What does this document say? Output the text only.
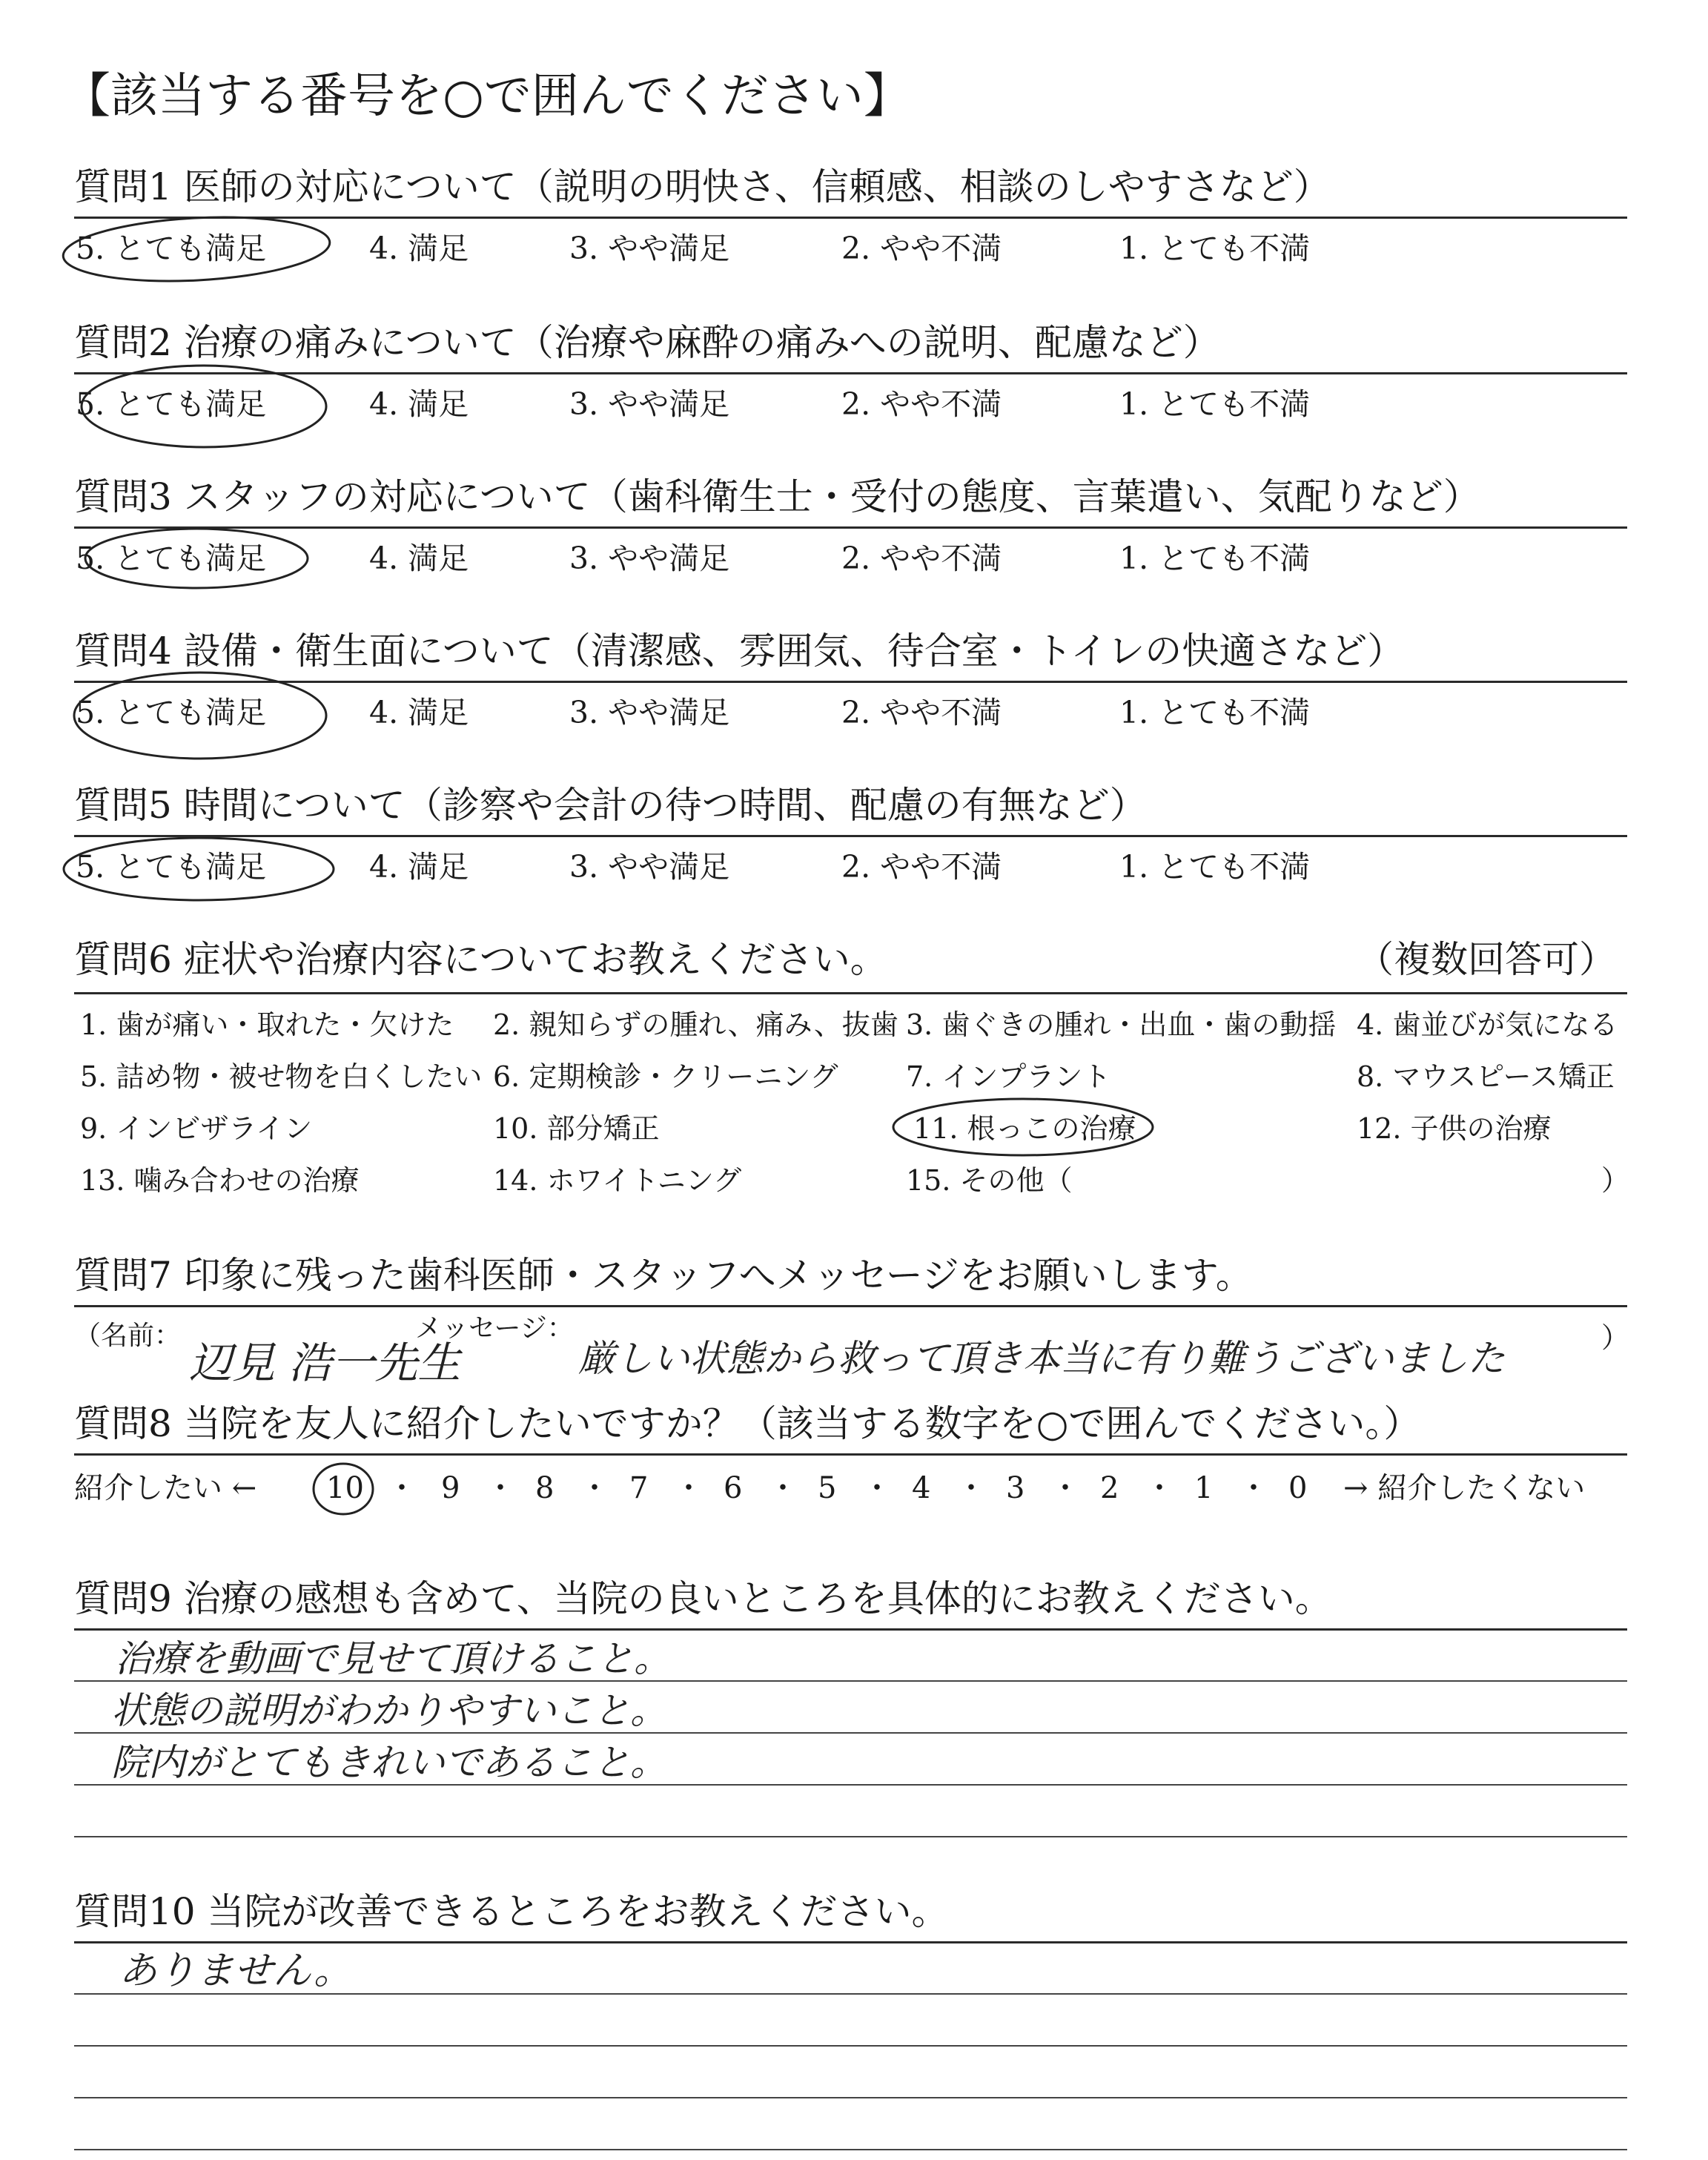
【該当する番号を○で囲んでください】
質問1 医師の対応について（説明の明快さ、信頼感、相談のしやすさなど）
5. とても満足	4. 満足	3. やや満足	2. やや不満	1. とても不満
質問2 治療の痛みについて（治療や麻酔の痛みへの説明、配慮など）
5. とても満足	4. 満足	3. やや満足	2. やや不満	1. とても不満
質問3 スタッフの対応について（歯科衛生士・受付の態度、言葉遣い、気配りなど）
5. とても満足	4. 満足	3. やや満足	2. やや不満	1. とても不満
質問4 設備・衛生面について（清潔感、雰囲気、待合室・トイレの快適さなど）
5. とても満足	4. 満足	3. やや満足	2. やや不満	1. とても不満
質問5 時間について（診察や会計の待つ時間、配慮の有無など）
5. とても満足	4. 満足	3. やや満足	2. やや不満	1. とても不満
質問6 症状や治療内容についてお教えください。	（複数回答可）
1. 歯が痛い・取れた・欠けた 2. 親知らずの腫れ、痛み、抜歯 3. 歯ぐきの腫れ・出血・歯の動揺 4. 歯並びが気になる
5. 詰め物・被せ物を白くしたい 6. 定期検診・クリーニング 7. インプラント	8. マウスピース矯正
9. インビザライン	10. 部分矯正	11. 根っこの治療	12. 子供の治療
13. 噛み合わせの治療	14. ホワイトニング	15. その他（	）
質問7 印象に残った歯科医師・スタッフへメッセージをお願いします。
（名前：	メッセージ：	）
辺見 浩一先生	厳しい状態から救って頂き本当に有り難うございました
質問8 当院を友人に紹介したいですか？（該当する数字を○で囲んでください。）
紹介したい ← 10 ・ 9 ・ 8 ・ 7 ・ 6 ・ 5 ・ 4 ・ 3 ・ 2 ・ 1 ・ 0 → 紹介したくない
質問9 治療の感想も含めて、当院の良いところを具体的にお教えください。
治療を動画で見せて頂けること。
状態の説明がわかりやすいこと。
院内がとてもきれいであること。
質問10 当院が改善できるところをお教えください。
ありません。
